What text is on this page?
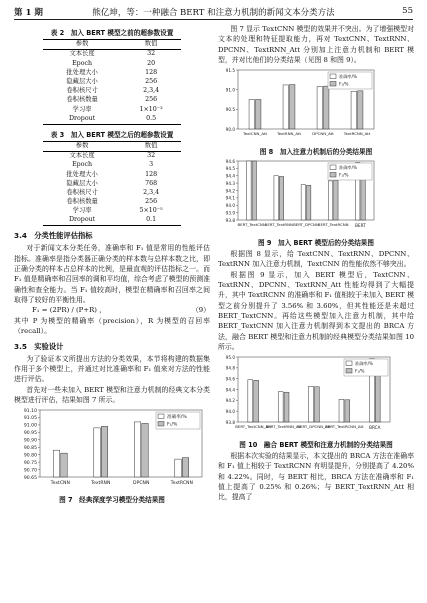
第 1 期	熊亿坤，等：一种融合 BERT 和注意力机制的新闻文本分类方法	55
表 2　加入 BERT 模型之前的超参数设置
参数	数值
文本长度	32
Epoch	20
批处理大小	128
隐藏层大小	256
卷积核尺寸	2,3,4
卷积核数量	256
学习率	1×10⁻³
Dropout	0.5
表 3　加入 BERT 模型之后的超参数设置
参数	数值
文本长度	32
Epoch	3
批处理大小	128
隐藏层大小	768
卷积核尺寸	2,3,4
卷积核数量	256
学习率	5×10⁻⁵
Dropout	0.1
3.4　分类性能评估指标

对于新闻文本分类任务，准确率和 F₁ 值是常用的性能评估指标。准确率是指分类器正确分类的样本数与总样本数之比，即正确分类的样本占总样本的比例，是最直观的评估指标之一。而 F₁ 值是精确率和召回率的调和平均值，综合考虑了模型的预测准确性和查全能力。当 F₁ 值较高时，模型在精确率和召回率之间取得了较好的平衡性用。

F₁ = (2PR) / (P+R) ，	（9）

其中 P 为模型的精确率（precision），R 为模型的召回率（recall）。

3.5　实验设计

为了验证本文所提出方法的分类效果，本节将构建的数据集作用于多个模型上，并通过对比准确率和 F₁ 值来对方法的性能进行评估。

首先对一些未加入 BERT 模型和注意力机制的经典文本分类模型进行评估，结果如图 7 所示。

90.65
90.70
90.75
90.80
90.85
90.90
90.95
91.00
91.05
91.10
TextCNN	TextRNN	DPCNN	TextRCNN
准确率/%
F₁/%
图 7　经典深度学习模型分类结果图

图 7 显示 TextCNN 模型的效果并不突出。为了增强模型对文本的处理和特征提取能力，再对 TextCNN、TextRNN、DPCNN、TextRNN_Att 分别加上注意力机制和 BERT 模型，并对比他们的分类结果（见图 8 和图 9）。

90.0
90.5
91.0
91.5
TextCNN_Att	TextRNN_Att	DPCNN_Att	TextRCNN_Att
准确率/%
F₁/%
图 8　加入注意力机制后的分类结果图
93.8
93.9
94.0
94.1
94.2
94.3
94.4
94.5
94.6
BERT_TextCNN
BERT_TextRNN BERT_DPCNN
BERT_TextRCNN BERT
准确率/%
F₁/%
图 9　加入 BERT 模型后的分类结果图

根据图 8 显示，给 TextCNN、TextRNN、DPCNN、TextRNN 加入注意力机制，TextCNN 的性能依然不够突出。

根据图 9 显示，加入 BERT 模型后，TextCNN、TextRNN、DPCNN、TextRNN_Att 性能均得到了大幅提升，其中 TextRCNN 的准确率和 F₁ 值相较于未加入 BERT 模型之前分别提升了 3.56% 和 3.60%，但其性能还是未超过 BERT_TextCNN。再给这些模型加入注意力机制，其中给 BERT_TextCNN 加入注意力机制得到本文提出的 BRCA 方法，融合 BERT 模型和注意力机制的经典模型分类结果如图 10 所示。

93.8
94.0
94.2
94.4
94.6
94.8
95.0
BERT_TextCNN_Att
BERT_TextRNN_Att
BERT_DPCNN_Att
BERT_TextRCNN_Att BRCA
准确率/%
F₁/%
图 10　融合 BERT 模型和注意力机制的分类结果图

根据本次实验的结果显示，本文提出的 BRCA 方法在准确率和 F₁ 值上相较于 TextRCNN 有明显提升，分别提高了 4.20% 和 4.22%。同时，与 BERT 相比，BRCA 方法在准确率和 F₁ 值上提高了 0.25% 和 0.26%；与 BERT_TextRNN_Att 相比，提高了
